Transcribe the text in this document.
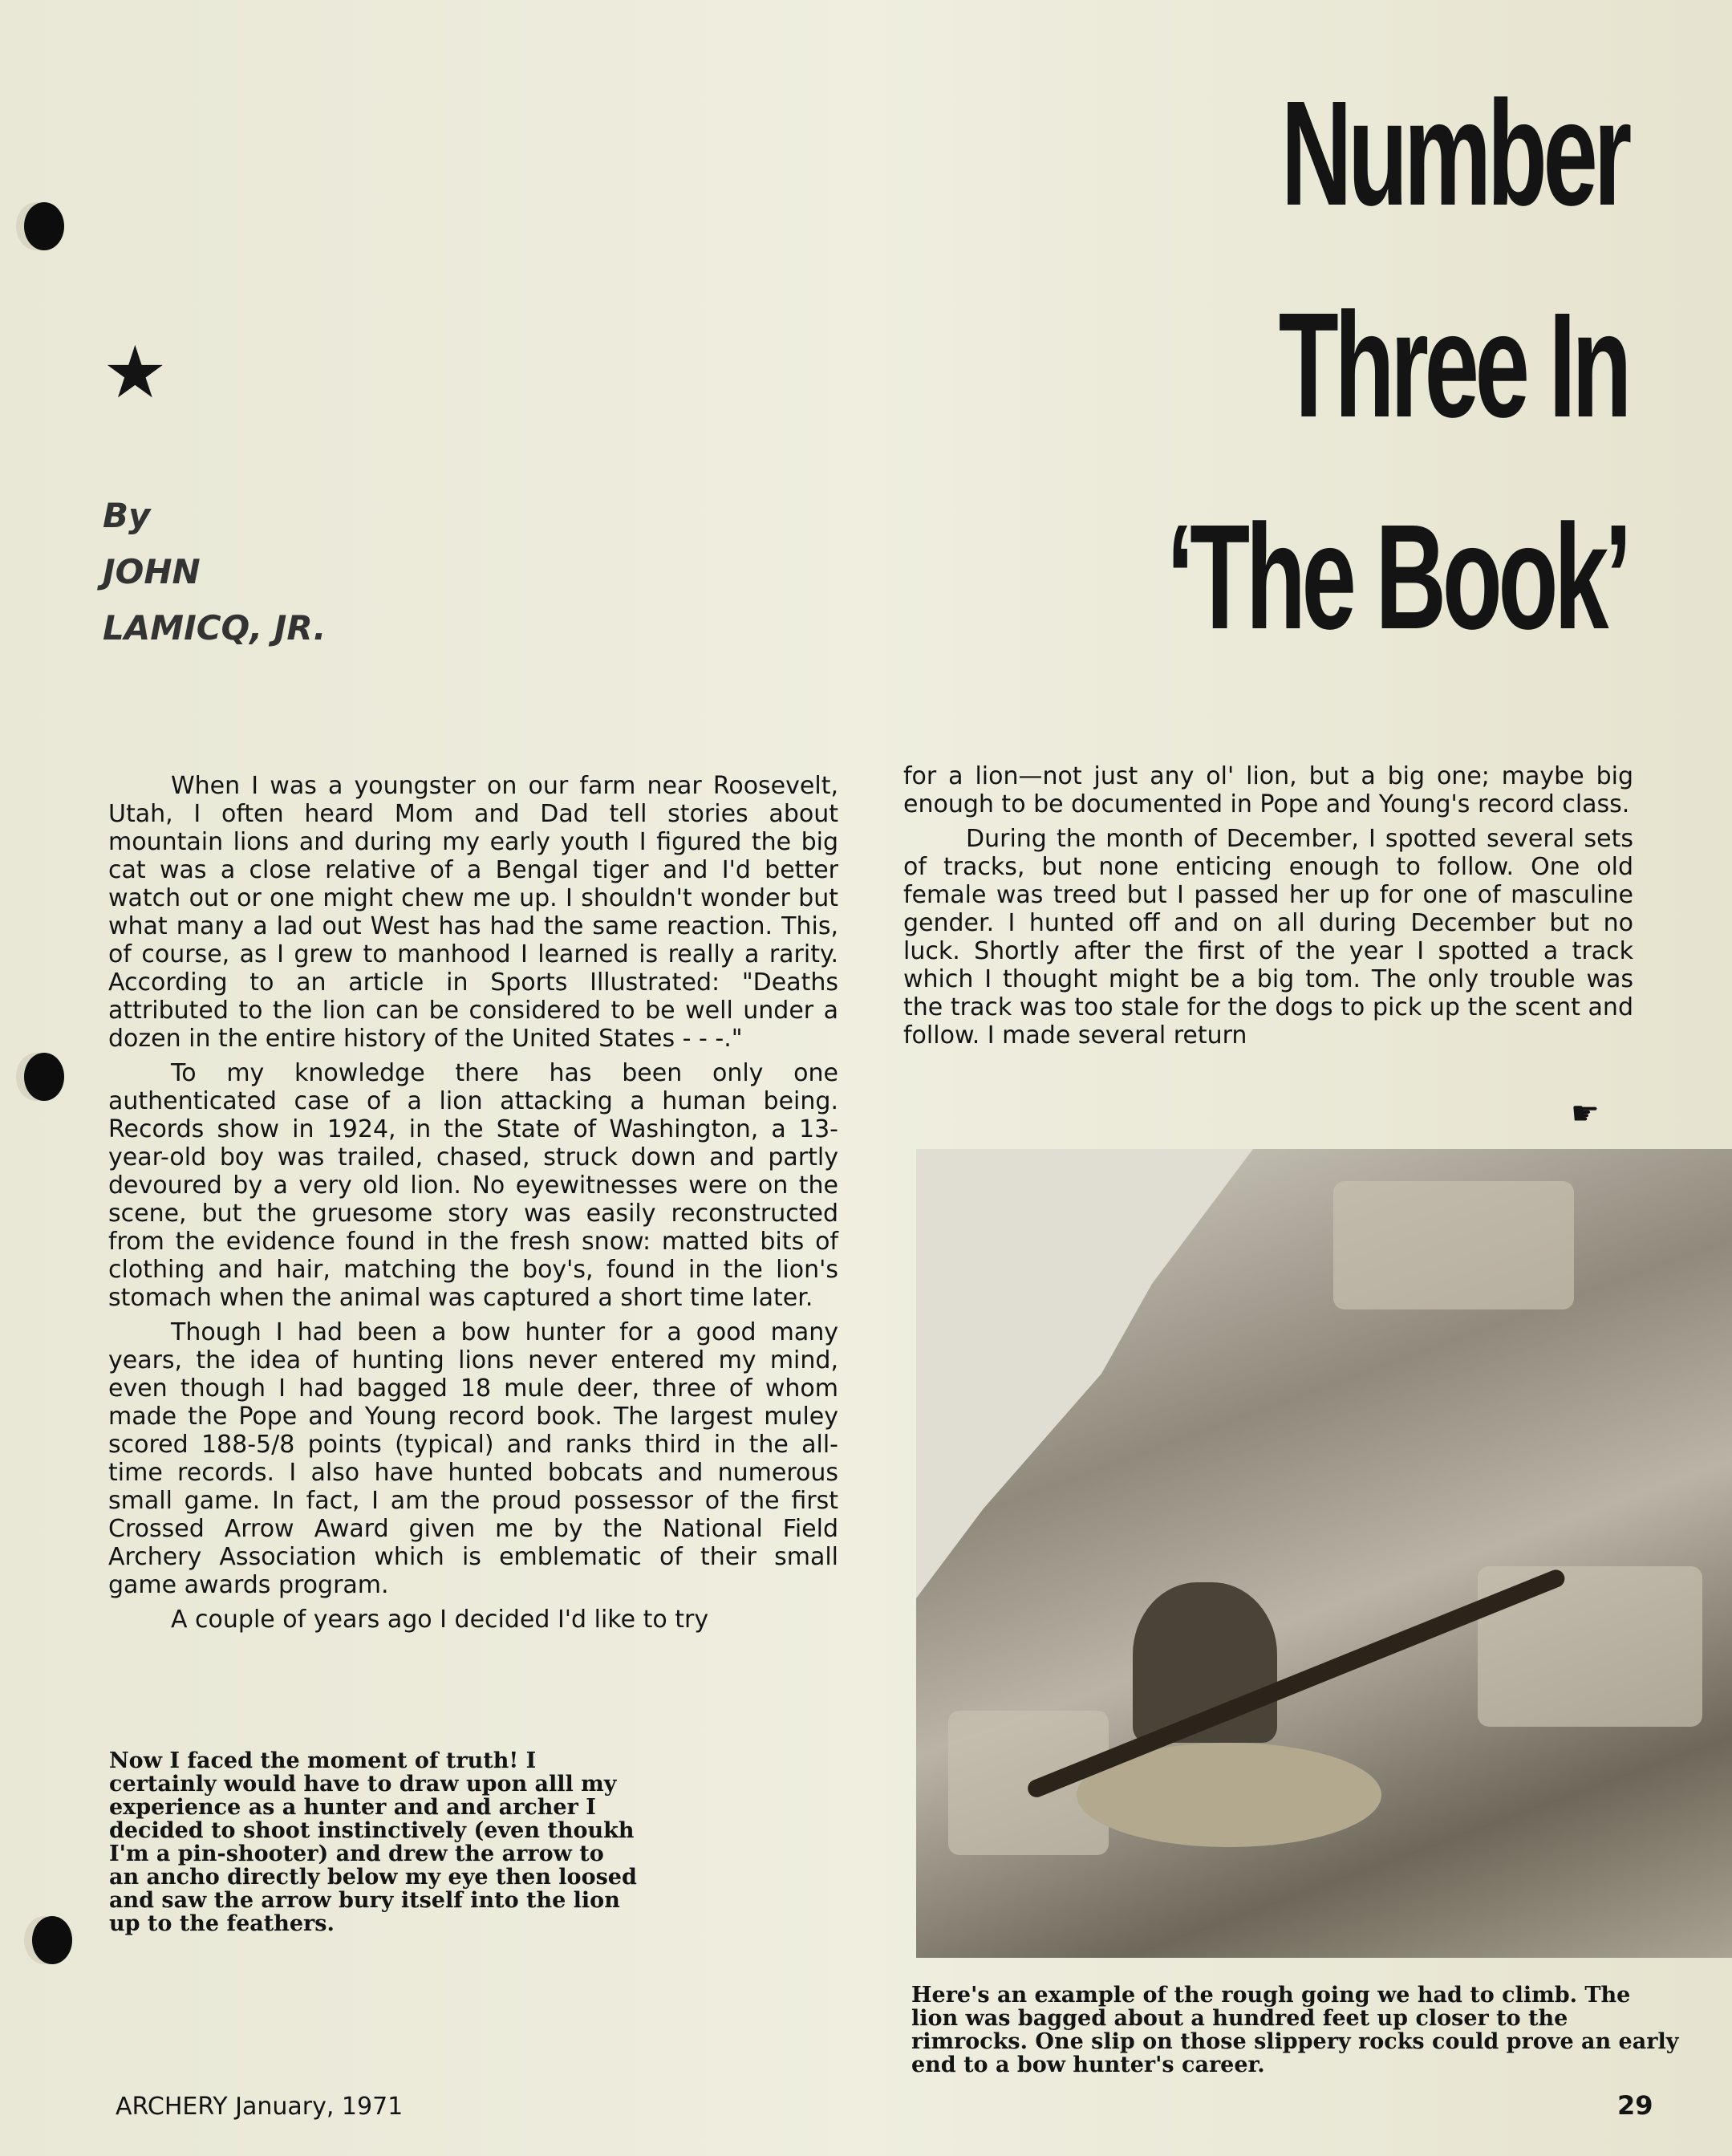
★
Number
Three In
‘The Book’
By
JOHN
LAMICQ, JR.

When I was a youngster on our farm near Roosevelt, Utah, I often heard Mom and Dad tell stories about mountain lions and during my early youth I figured the big cat was a close relative of a Bengal tiger and I'd better watch out or one might chew me up. I shouldn't wonder but what many a lad out West has had the same reaction. This, of course, as I grew to manhood I learned is really a rarity. According to an article in Sports Illustrated: "Deaths attributed to the lion can be considered to be well under a dozen in the entire history of the United States - - -."

To my knowledge there has been only one authenticated case of a lion attacking a human being. Records show in 1924, in the State of Washington, a 13-year-old boy was trailed, chased, struck down and partly devoured by a very old lion. No eyewitnesses were on the scene, but the gruesome story was easily reconstructed from the evidence found in the fresh snow: matted bits of clothing and hair, matching the boy's, found in the lion's stomach when the animal was captured a short time later.

Though I had been a bow hunter for a good many years, the idea of hunting lions never entered my mind, even though I had bagged 18 mule deer, three of whom made the Pope and Young record book. The largest muley scored 188-5/8 points (typical) and ranks third in the all-time records. I also have hunted bobcats and numerous small game. In fact, I am the proud possessor of the first Crossed Arrow Award given me by the National Field Archery Association which is emblematic of their small game awards program.

A couple of years ago I decided I'd like to try

for a lion—not just any ol' lion, but a big one; maybe big enough to be documented in Pope and Young's record class.

During the month of December, I spotted several sets of tracks, but none enticing enough to follow. One old female was treed but I passed her up for one of masculine gender. I hunted off and on all during December but no luck. Shortly after the first of the year I spotted a track which I thought might be a big tom. The only trouble was the track was too stale for the dogs to pick up the scent and follow. I made several return

☛
Now I faced the moment of truth! I certainly would have to draw upon alll my experience as a hunter and and archer I decided to shoot instinctively (even thoukh I'm a pin-shooter) and drew the arrow to an ancho directly below my eye then loosed and saw the arrow bury itself into the lion up to the feathers.
Here's an example of the rough going we had to climb. The lion was bagged about a hundred feet up closer to the rimrocks. One slip on those slippery rocks could prove an early end to a bow hunter's career.
ARCHERY January, 1971	29
